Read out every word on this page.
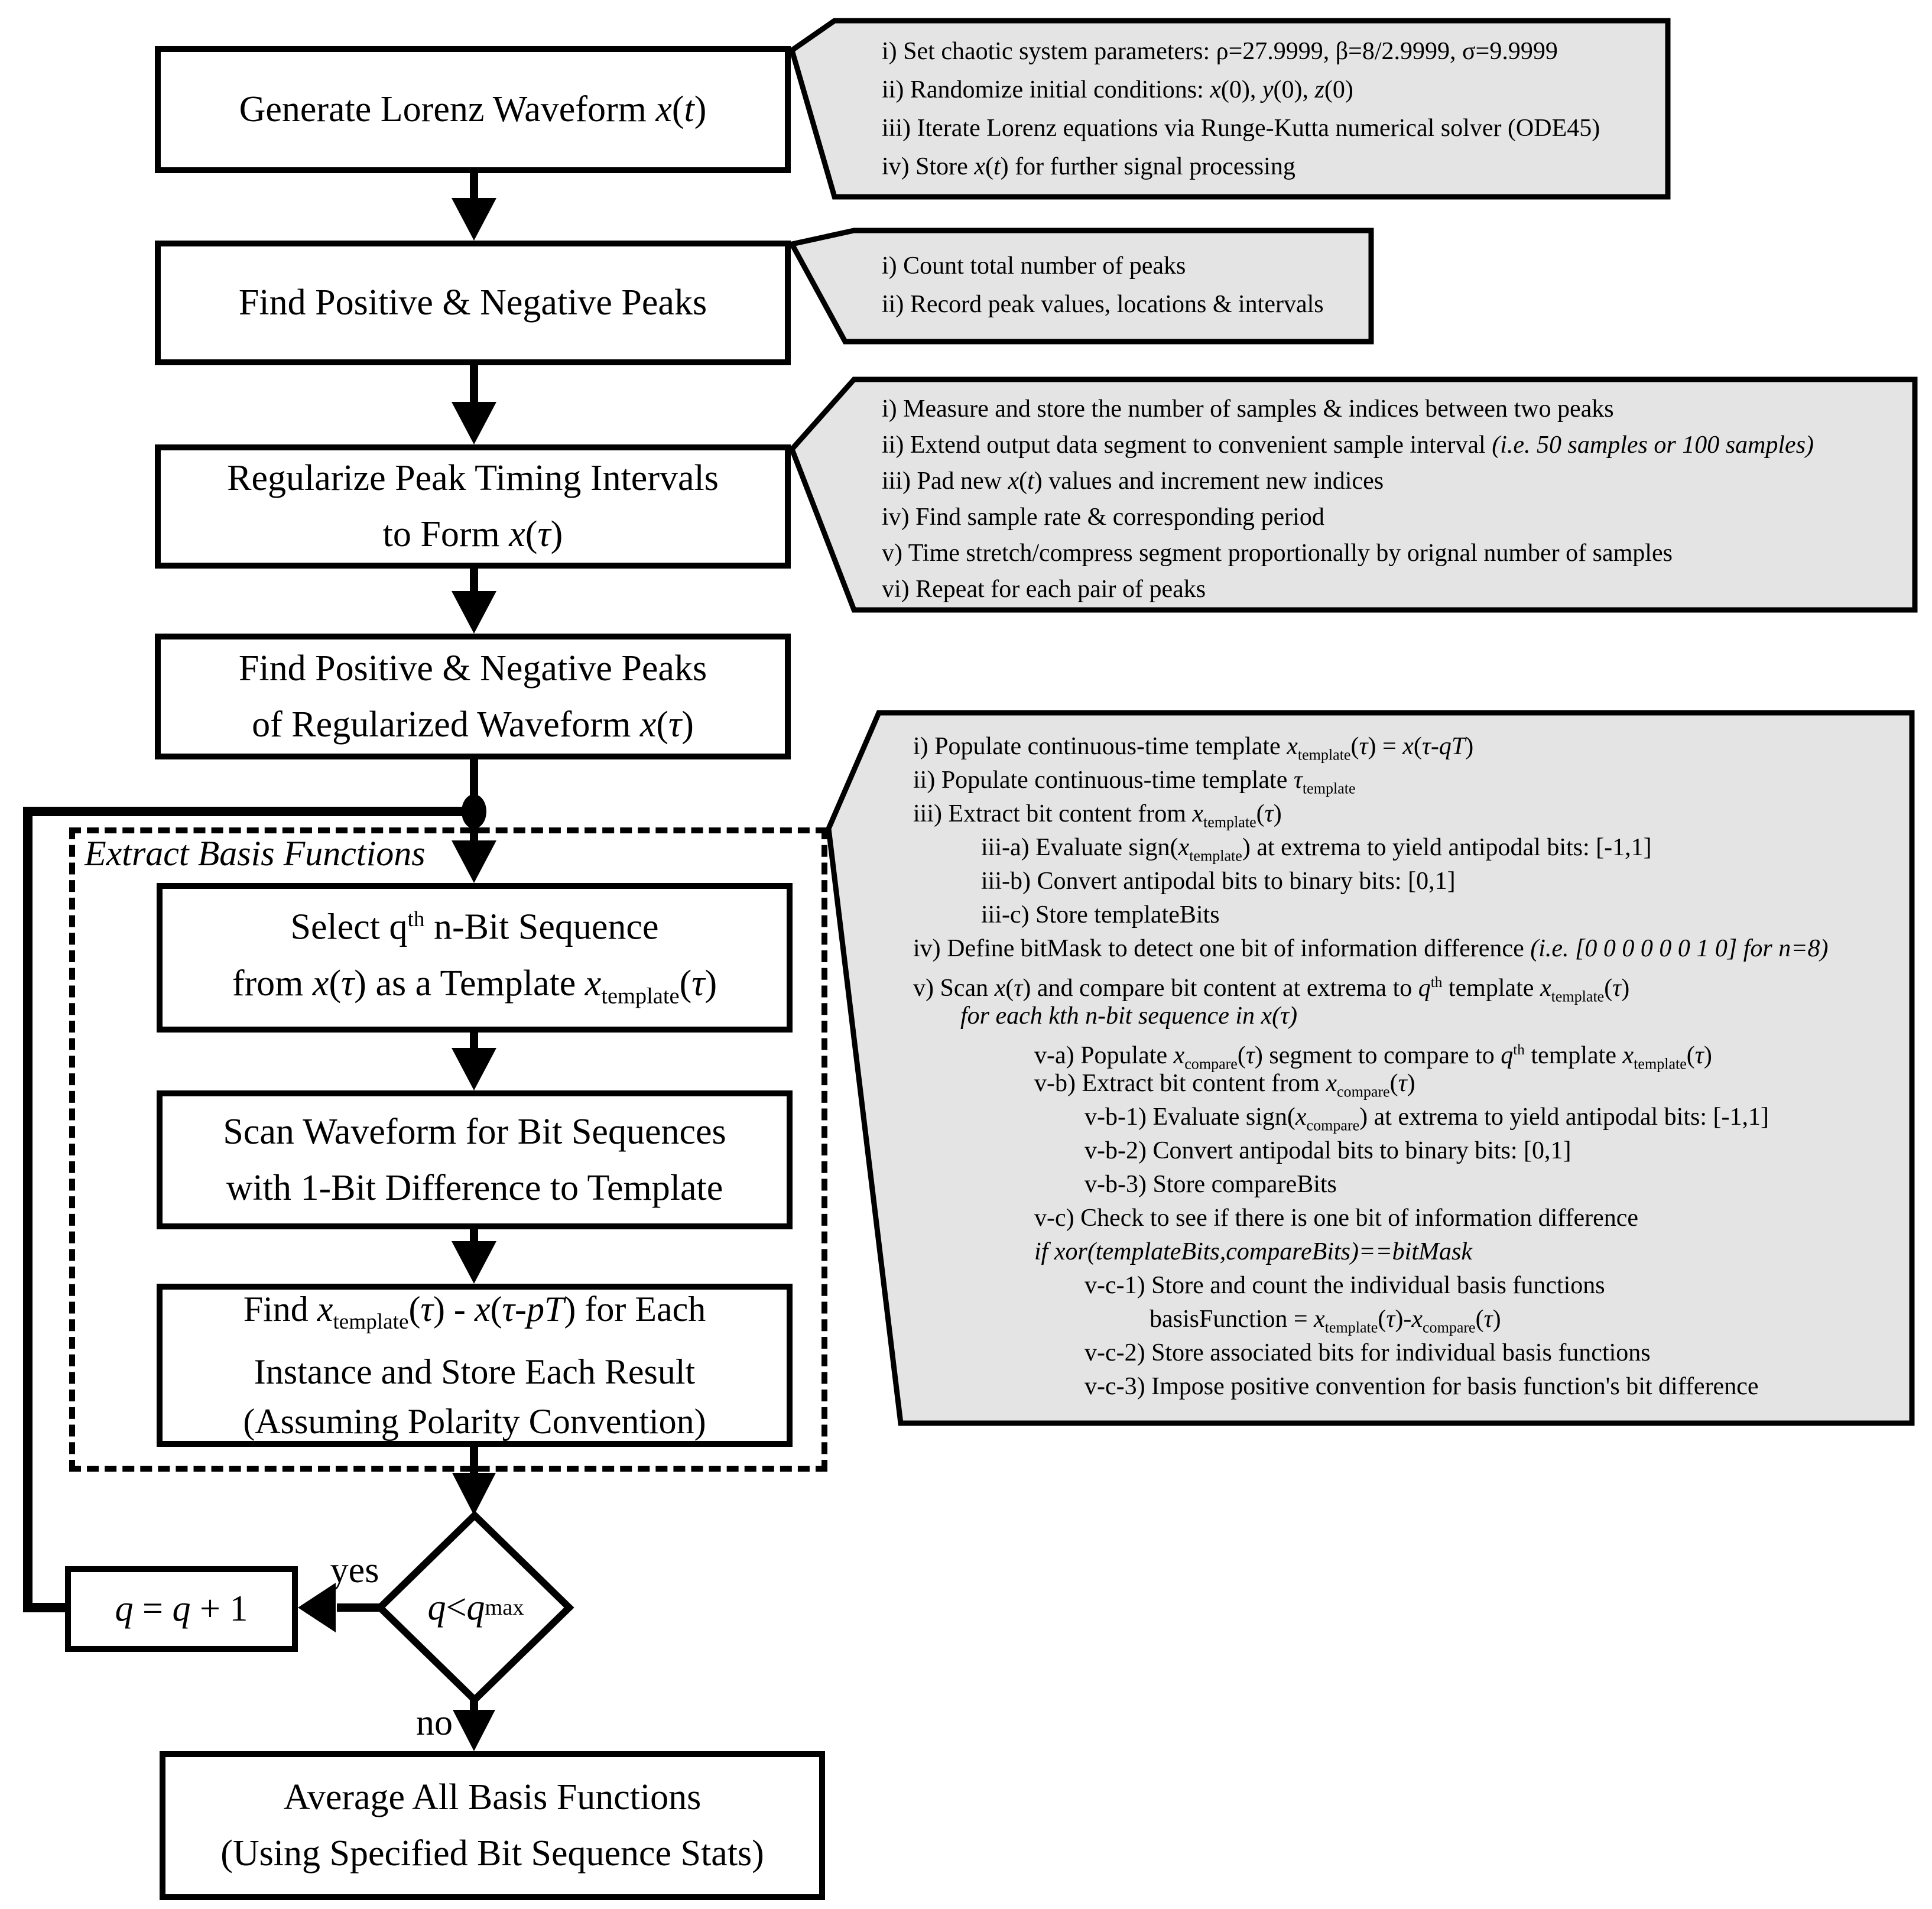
Extract Basis Functions
Generate Lorenz Waveform x(t)
Find Positive & Negative Peaks
Regularize Peak Timing Intervals
to Form x(τ)
Find Positive & Negative Peaks
of Regularized Waveform x(τ)
Select $q^{th}$ n-Bit Sequence
from x(τ) as a Template $x_{template}(\tau)$
Scan Waveform for Bit Sequences
with 1-Bit Difference to Template
Find $x_{template}(\tau) - x(\tau-pT)$ for Each
Instance and Store Each Result
(Assuming Polarity Convention)
q = q + 1
Average All Basis Functions
(Using Specified Bit Sequence Stats)
q < q max
yes
no
i) Set chaotic system parameters: ρ=27.9999, β=8/2.9999, σ=9.9999
ii) Randomize initial conditions: x(0), y(0), z(0)
iii) Iterate Lorenz equations via Runge-Kutta numerical solver (ODE45)
iv) Store x(t) for further signal processing
i) Count total number of peaks
ii) Record peak values, locations & intervals
i) Measure and store the number of samples & indices between two peaks
ii) Extend output data segment to convenient sample interval (i.e. 50 samples or 100 samples)
iii) Pad new x(t) values and increment new indices
iv) Find sample rate & corresponding period
v) Time stretch/compress segment proportionally by orignal number of samples
vi) Repeat for each pair of peaks
i) Populate continuous-time template $x_{template}(\tau) = x(\tau-qT)$
ii) Populate continuous-time template $\tau_{template}$
iii) Extract bit content from $x_{template}(\tau)$
iii-a) Evaluate $sign(x_{template})$ at extrema to yield antipodal bits: [-1,1]
iii-b) Convert antipodal bits to binary bits: [0,1]
iii-c) Store templateBits
iv) Define bitMask to detect one bit of information difference (i.e. [0 0 0 0 0 0 1 0] for n=8)
v) Scan x(τ) and compare bit content at extrema to $q^{th}$ template $x_{template}(\tau)$
for each kth n-bit sequence in x(τ)
v-a) Populate $x_{compare}(\tau)$ segment to compare to $q^{th}$ template $x_{template}(\tau)$
v-b) Extract bit content from $x_{compare}(\tau)$
v-b-1) Evaluate $sign(x_{compare})$ at extrema to yield antipodal bits: [-1,1]
v-b-2) Convert antipodal bits to binary bits: [0,1]
v-b-3) Store compareBits
v-c) Check to see if there is one bit of information difference
if xor(templateBits,compareBits)==bitMask
v-c-1) Store and count the individual basis functions
basisFunction = $x_{template}(\tau)-x_{compare}(\tau)$
v-c-2) Store associated bits for individual basis functions
v-c-3) Impose positive convention for basis function's bit difference
